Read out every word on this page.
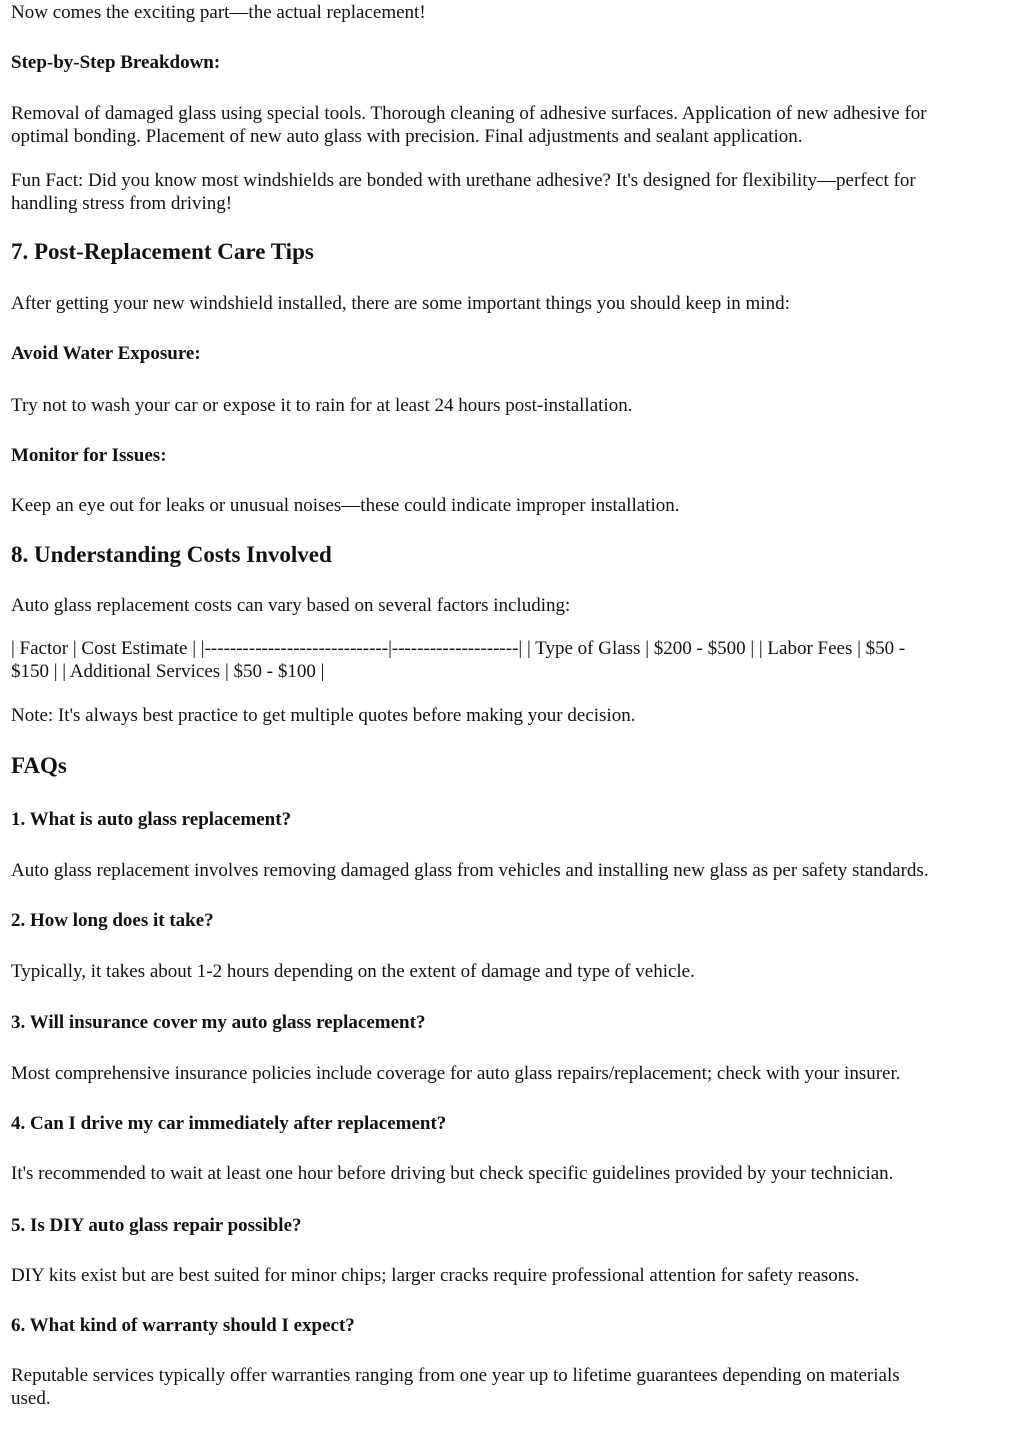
Now comes the exciting part—the actual replacement!

Step-by-Step Breakdown:

Removal of damaged glass using special tools. Thorough cleaning of adhesive surfaces. Application of new adhesive for

optimal bonding. Placement of new auto glass with precision. Final adjustments and sealant application.

Fun Fact: Did you know most windshields are bonded with urethane adhesive? It's designed for flexibility—perfect for

handling stress from driving!

7. Post-Replacement Care Tips

After getting your new windshield installed, there are some important things you should keep in mind:

Avoid Water Exposure:

Try not to wash your car or expose it to rain for at least 24 hours post-installation.

Monitor for Issues:

Keep an eye out for leaks or unusual noises—these could indicate improper installation.

8. Understanding Costs Involved

Auto glass replacement costs can vary based on several factors including:

| Factor | Cost Estimate | |-----------------------------|--------------------| | Type of Glass | $200 - $500 | | Labor Fees | $50 -

$150 | | Additional Services | $50 - $100 |

Note: It's always best practice to get multiple quotes before making your decision.

FAQs

1. What is auto glass replacement?

Auto glass replacement involves removing damaged glass from vehicles and installing new glass as per safety standards.

2. How long does it take?

Typically, it takes about 1-2 hours depending on the extent of damage and type of vehicle.

3. Will insurance cover my auto glass replacement?

Most comprehensive insurance policies include coverage for auto glass repairs/replacement; check with your insurer.

4. Can I drive my car immediately after replacement?

It's recommended to wait at least one hour before driving but check specific guidelines provided by your technician.

5. Is DIY auto glass repair possible?

DIY kits exist but are best suited for minor chips; larger cracks require professional attention for safety reasons.

6. What kind of warranty should I expect?

Reputable services typically offer warranties ranging from one year up to lifetime guarantees depending on materials

used.
